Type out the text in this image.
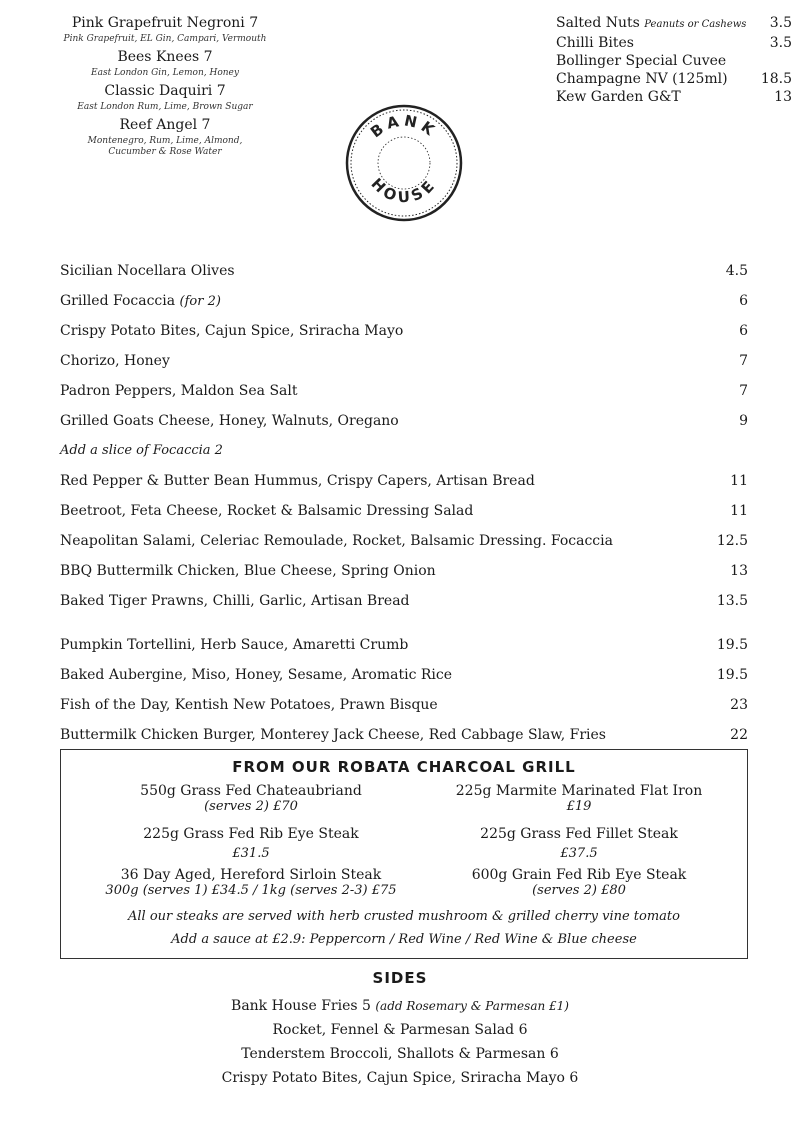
Pink Grapefruit Negroni 7
Pink Grapefruit, EL Gin, Campari, Vermouth
Bees Knees 7
East London Gin, Lemon, Honey
Classic Daquiri 7
East London Rum, Lime, Brown Sugar
Reef Angel 7
Montenegro, Rum, Lime, Almond,
Cucumber & Rose Water
Salted Nuts Peanuts or Cashews 3.5
Chilli Bites	3.5
Bollinger Special Cuvee
Champagne NV (125ml) 18.5
Kew Garden G&T	13
BANK
HOUSE
Sicilian Nocellara Olives	4.5
Grilled Focaccia (for 2)	6
Crispy Potato Bites, Cajun Spice, Sriracha Mayo	6
Chorizo, Honey	7
Padron Peppers, Maldon Sea Salt	7
Grilled Goats Cheese, Honey, Walnuts, Oregano	9
Add a slice of Focaccia 2
Red Pepper & Butter Bean Hummus, Crispy Capers, Artisan Bread	11
Beetroot, Feta Cheese, Rocket & Balsamic Dressing Salad	11
Neapolitan Salami, Celeriac Remoulade, Rocket, Balsamic Dressing. Focaccia	12.5
BBQ Buttermilk Chicken, Blue Cheese, Spring Onion	13
Baked Tiger Prawns, Chilli, Garlic, Artisan Bread	13.5
Pumpkin Tortellini, Herb Sauce, Amaretti Crumb	19.5
Baked Aubergine, Miso, Honey, Sesame, Aromatic Rice	19.5
Fish of the Day, Kentish New Potatoes, Prawn Bisque	23
Buttermilk Chicken Burger, Monterey Jack Cheese, Red Cabbage Slaw, Fries	22
FROM OUR ROBATA CHARCOAL GRILL
550g Grass Fed Chateaubriand
(serves 2) £70
225g Marmite Marinated Flat Iron
£19
225g Grass Fed Rib Eye Steak
£31.5
225g Grass Fed Fillet Steak
£37.5
36 Day Aged, Hereford Sirloin Steak
300g (serves 1) £34.5 / 1kg (serves 2-3) £75
600g Grain Fed Rib Eye Steak
(serves 2) £80
All our steaks are served with herb crusted mushroom & grilled cherry vine tomato
Add a sauce at £2.9: Peppercorn / Red Wine / Red Wine & Blue cheese
SIDES
Bank House Fries 5 (add Rosemary & Parmesan £1)
Rocket, Fennel & Parmesan Salad 6
Tenderstem Broccoli, Shallots & Parmesan 6
Crispy Potato Bites, Cajun Spice, Sriracha Mayo 6
